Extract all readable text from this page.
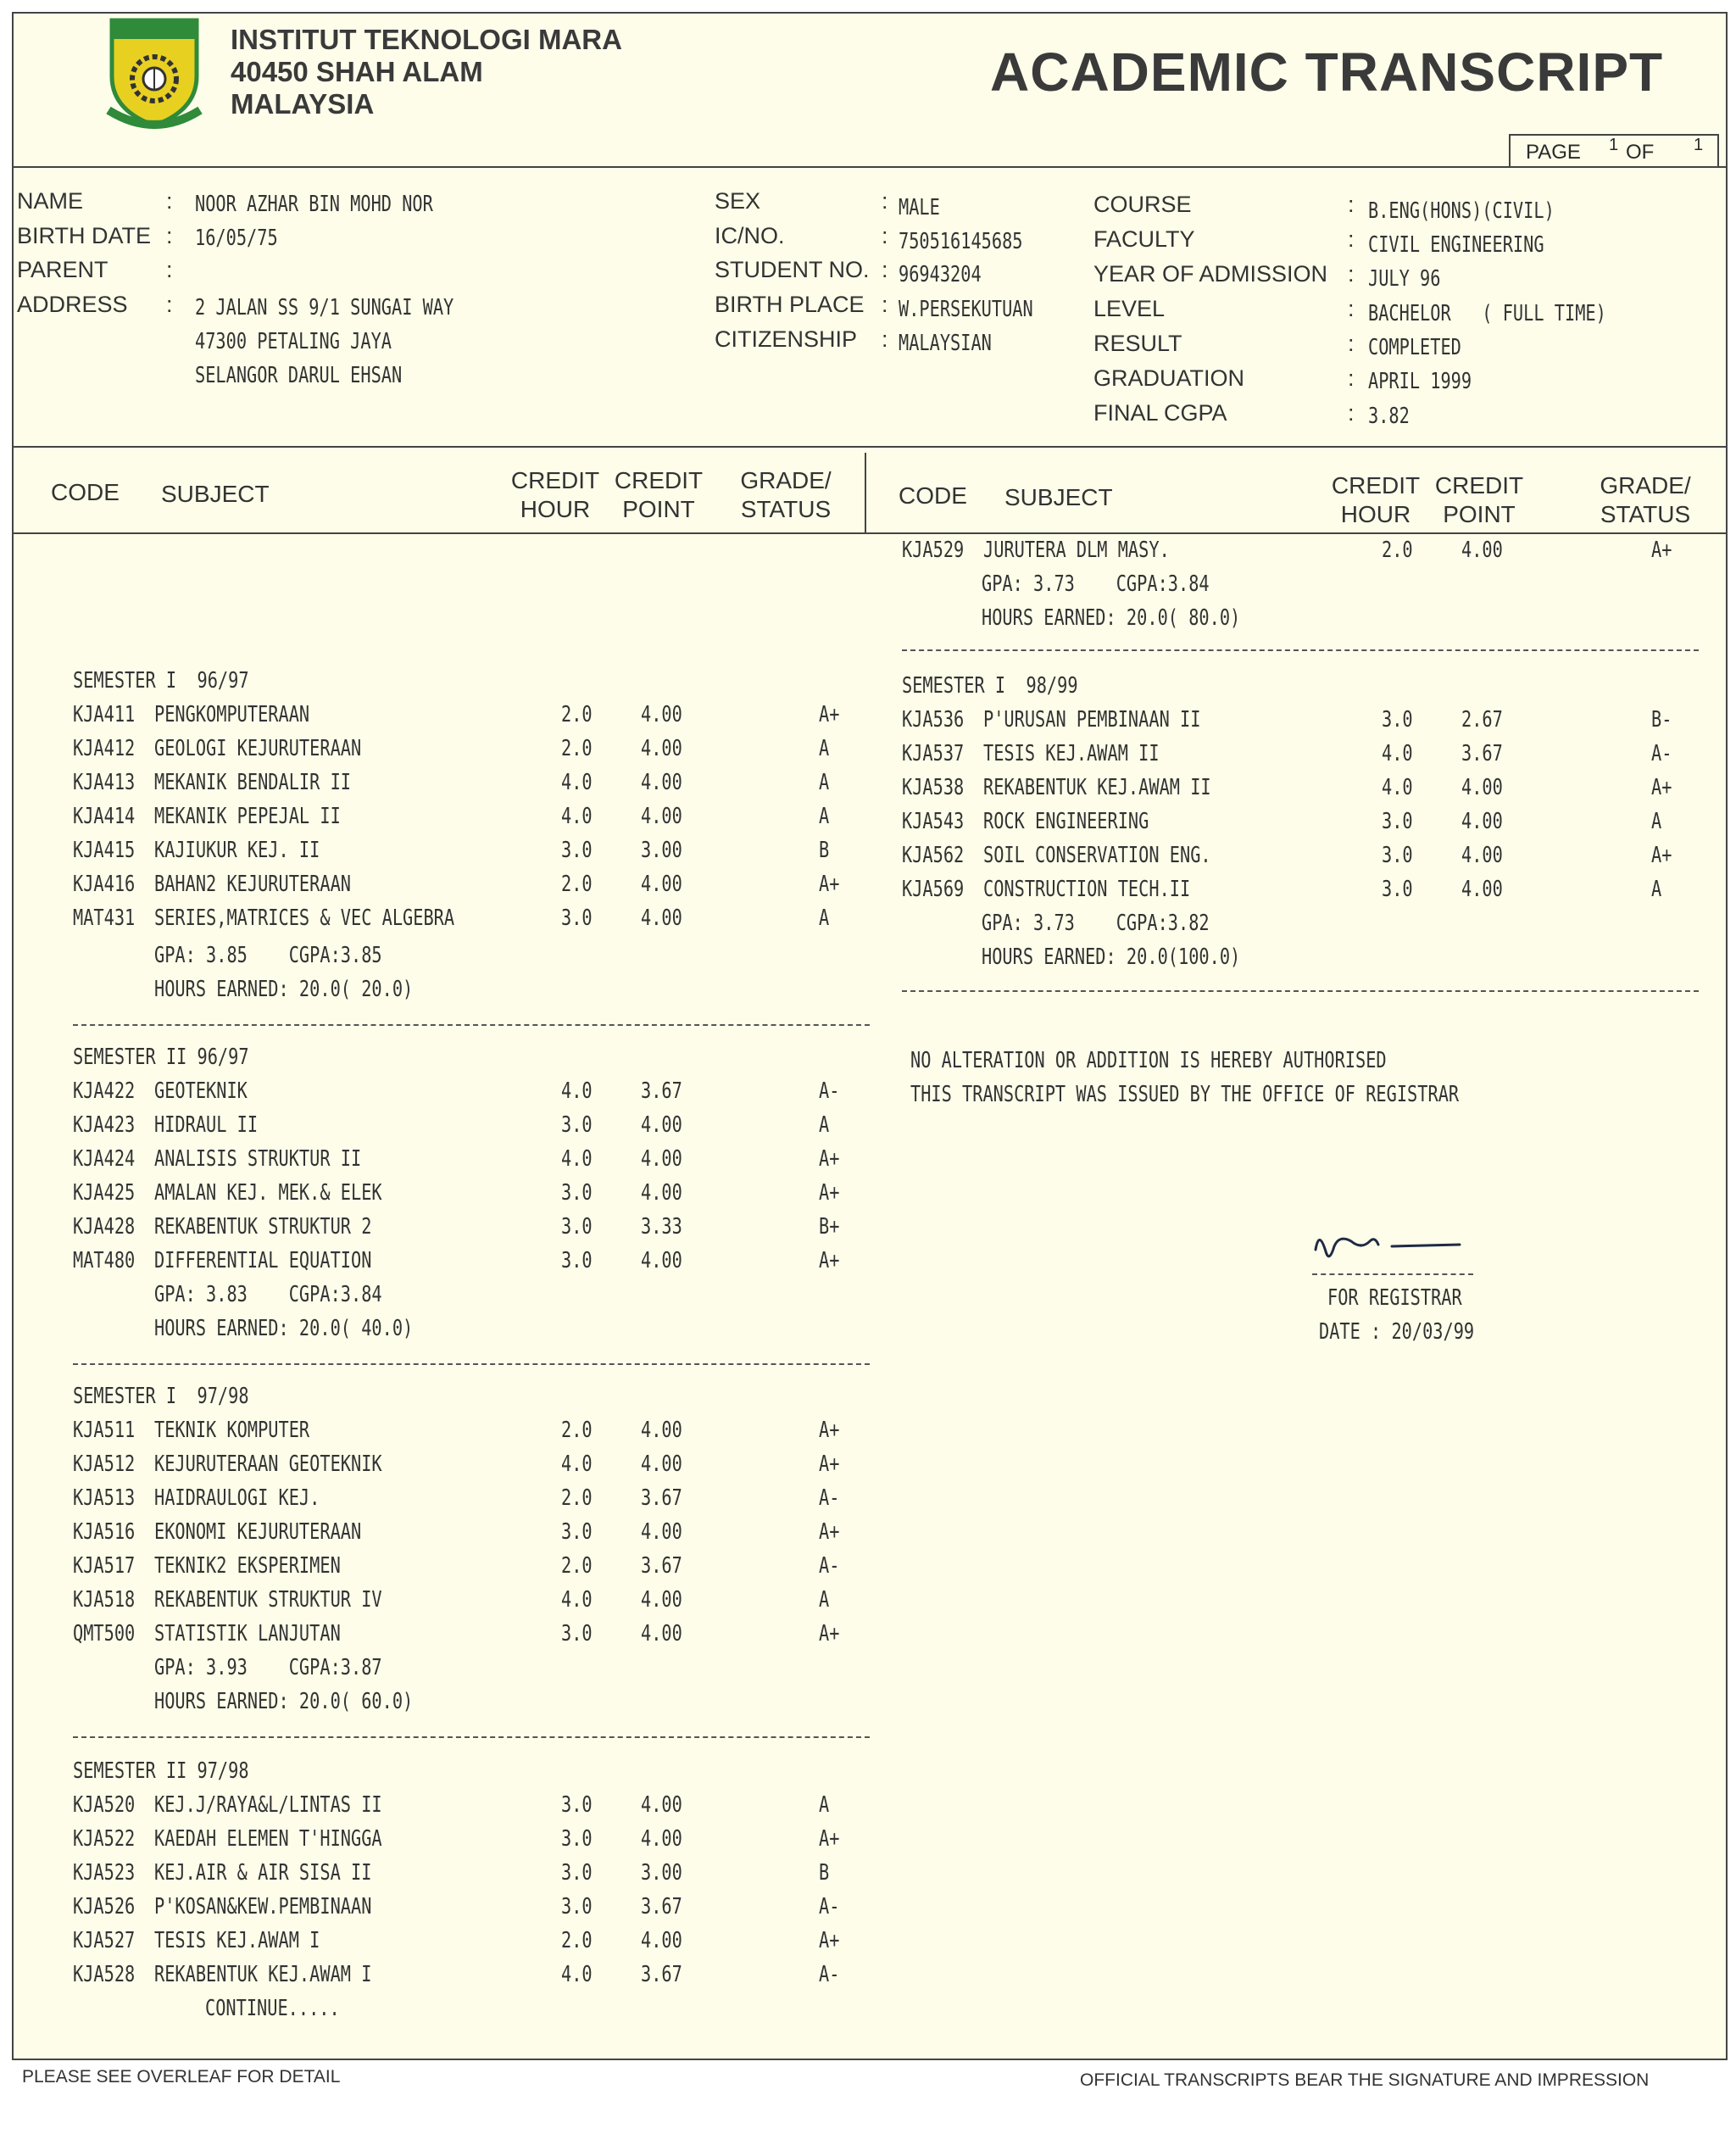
INSTITUT TEKNOLOGI MARA
40450 SHAH ALAM
MALAYSIA
ACADEMIC TRANSCRIPT
PAGE 1 OF 1
NAME	: NOOR AZHAR BIN MOHD NOR
BIRTH DATE : 16/05/75
PARENT	:
ADDRESS : 2 JALAN SS 9/1 SUNGAI WAY
47300 PETALING JAYA
SELANGOR DARUL EHSAN
SEX	: MALE
IC/NO.	: 750516145685
STUDENT NO. : 96943204
BIRTH PLACE : W.PERSEKUTUAN
CITIZENSHIP : MALAYSIAN
COURSE	: B.ENG(HONS)(CIVIL)
FACULTY	: CIVIL ENGINEERING
YEAR OF ADMISSION : JULY 96
LEVEL	: BACHELOR   ( FULL TIME)
RESULT	: COMPLETED
GRADUATION	: APRIL 1999
FINAL CGPA	: 3.82
CODE SUBJECT
CREDIT
HOUR
CREDIT
POINT
GRADE/
STATUS
CODE SUBJECT	CREDIT
HOUR
CREDIT
POINT
GRADE/
STATUS
SEMESTER I  96/97
KJA411 PENGKOMPUTERAAN	2.0 4.00	A+
KJA412 GEOLOGI KEJURUTERAAN	2.0 4.00	A
KJA413 MEKANIK BENDALIR II	4.0 4.00	A
KJA414 MEKANIK PEPEJAL II	4.0 4.00	A
KJA415 KAJIUKUR KEJ. II	3.0 3.00	B
KJA416 BAHAN2 KEJURUTERAAN	2.0 4.00	A+
MAT431 SERIES,MATRICES & VEC ALGEBRA	3.0 4.00	A
GPA: 3.85    CGPA:3.85
HOURS EARNED: 20.0( 20.0)
SEMESTER II 96/97
KJA422 GEOTEKNIK	4.0 3.67	A-
KJA423 HIDRAUL II	3.0 4.00	A
KJA424 ANALISIS STRUKTUR II	4.0 4.00	A+
KJA425 AMALAN KEJ. MEK.& ELEK	3.0 4.00	A+
KJA428 REKABENTUK STRUKTUR 2	3.0 3.33	B+
MAT480 DIFFERENTIAL EQUATION	3.0 4.00	A+
GPA: 3.83    CGPA:3.84
HOURS EARNED: 20.0( 40.0)
SEMESTER I  97/98
KJA511 TEKNIK KOMPUTER	2.0 4.00	A+
KJA512 KEJURUTERAAN GEOTEKNIK	4.0 4.00	A+
KJA513 HAIDRAULOGI KEJ.	2.0 3.67	A-
KJA516 EKONOMI KEJURUTERAAN	3.0 4.00	A+
KJA517 TEKNIK2 EKSPERIMEN	2.0 3.67	A-
KJA518 REKABENTUK STRUKTUR IV	4.0 4.00	A
QMT500 STATISTIK LANJUTAN	3.0 4.00	A+
GPA: 3.93    CGPA:3.87
HOURS EARNED: 20.0( 60.0)
SEMESTER II 97/98
KJA520 KEJ.J/RAYA&L/LINTAS II	3.0 4.00	A
KJA522 KAEDAH ELEMEN T'HINGGA	3.0 4.00	A+
KJA523 KEJ.AIR & AIR SISA II	3.0 3.00	B
KJA526 P'KOSAN&KEW.PEMBINAAN	3.0 3.67	A-
KJA527 TESIS KEJ.AWAM I	2.0 4.00	A+
KJA528 REKABENTUK KEJ.AWAM I	4.0 3.67	A-
CONTINUE.....
KJA529 JURUTERA DLM MASY.	2.0 4.00	A+
GPA: 3.73    CGPA:3.84
HOURS EARNED: 20.0( 80.0)
SEMESTER I  98/99
KJA536 P'URUSAN PEMBINAAN II	3.0 2.67	B-
KJA537 TESIS KEJ.AWAM II	4.0 3.67	A-
KJA538 REKABENTUK KEJ.AWAM II	4.0 4.00	A+
KJA543 ROCK ENGINEERING	3.0 4.00	A
KJA562 SOIL CONSERVATION ENG.	3.0 4.00	A+
KJA569 CONSTRUCTION TECH.II	3.0 4.00	A
GPA: 3.73    CGPA:3.82
HOURS EARNED: 20.0(100.0)
NO ALTERATION OR ADDITION IS HEREBY AUTHORISED
THIS TRANSCRIPT WAS ISSUED BY THE OFFICE OF REGISTRAR
FOR REGISTRAR
DATE : 20/03/99
PLEASE SEE OVERLEAF FOR DETAIL	OFFICIAL TRANSCRIPTS BEAR THE SIGNATURE AND IMPRESSION
